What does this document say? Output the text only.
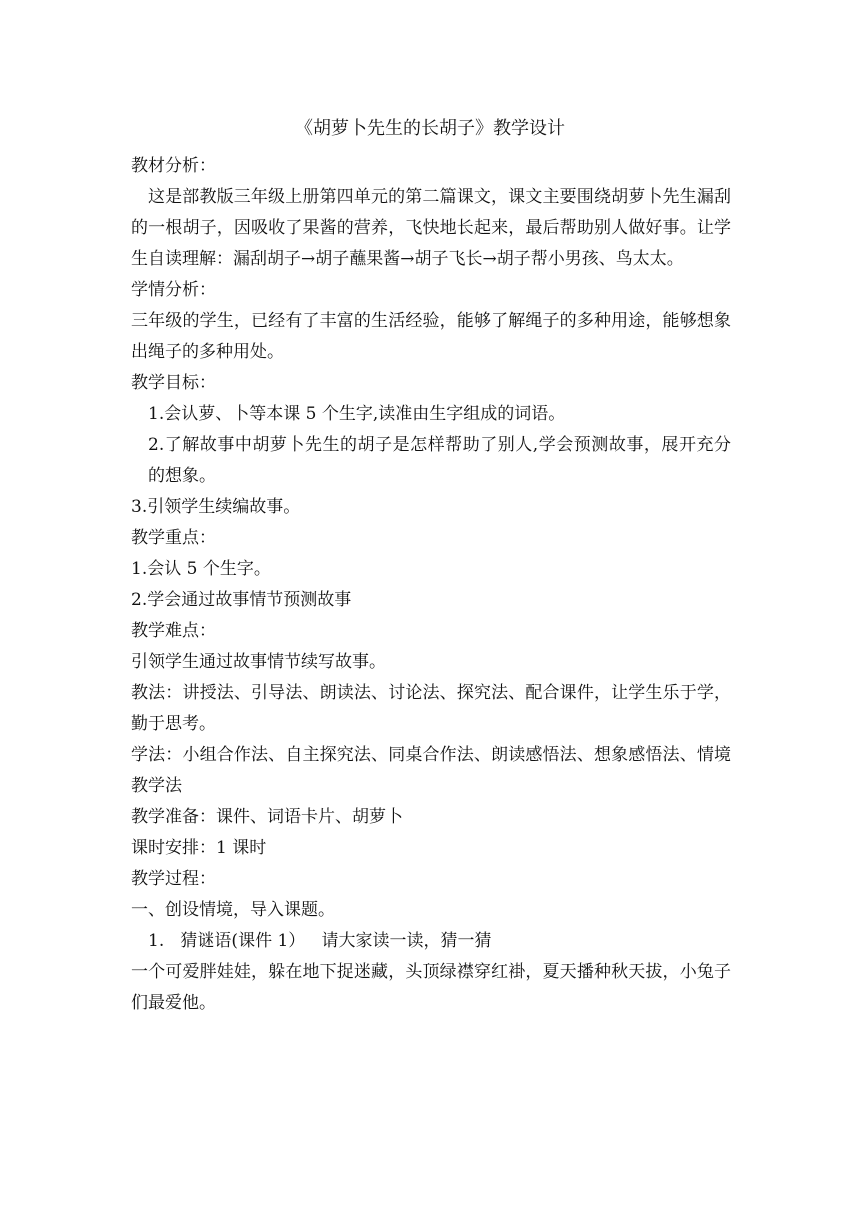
《胡萝卜先生的长胡子》教学设计
教材分析：
这是部教版三年级上册第四单元的第二篇课文，课文主要围绕胡萝卜先生漏刮
的一根胡子，因吸收了果酱的营养，飞快地长起来，最后帮助别人做好事。让学
生自读理解：漏刮胡子→胡子蘸果酱→胡子飞长→胡子帮小男孩、鸟太太。
学情分析：
三年级的学生，已经有了丰富的生活经验，能够了解绳子的多种用途，能够想象
出绳子的多种用处。
教学目标：
1.会认萝、卜等本课 5 个生字,读准由生字组成的词语。
2.了解故事中胡萝卜先生的胡子是怎样帮助了别人,学会预测故事，展开充分
的想象。
3.引领学生续编故事。
教学重点：
1.会认 5 个生字。
2.学会通过故事情节预测故事
教学难点：
引领学生通过故事情节续写故事。
教法：讲授法、引导法、朗读法、讨论法、探究法、配合课件，让学生乐于学，
勤于思考。
学法：小组合作法、自主探究法、同桌合作法、朗读感悟法、想象感悟法、情境
教学法
教学准备：课件、词语卡片、胡萝卜
课时安排：1 课时
教学过程：
一、创设情境，导入课题。
1.   猜谜语(课件 1）   请大家读一读，猜一猜
一个可爱胖娃娃，躲在地下捉迷藏，头顶绿襟穿红褂，夏天播种秋天拔，小兔子
们最爱他。
